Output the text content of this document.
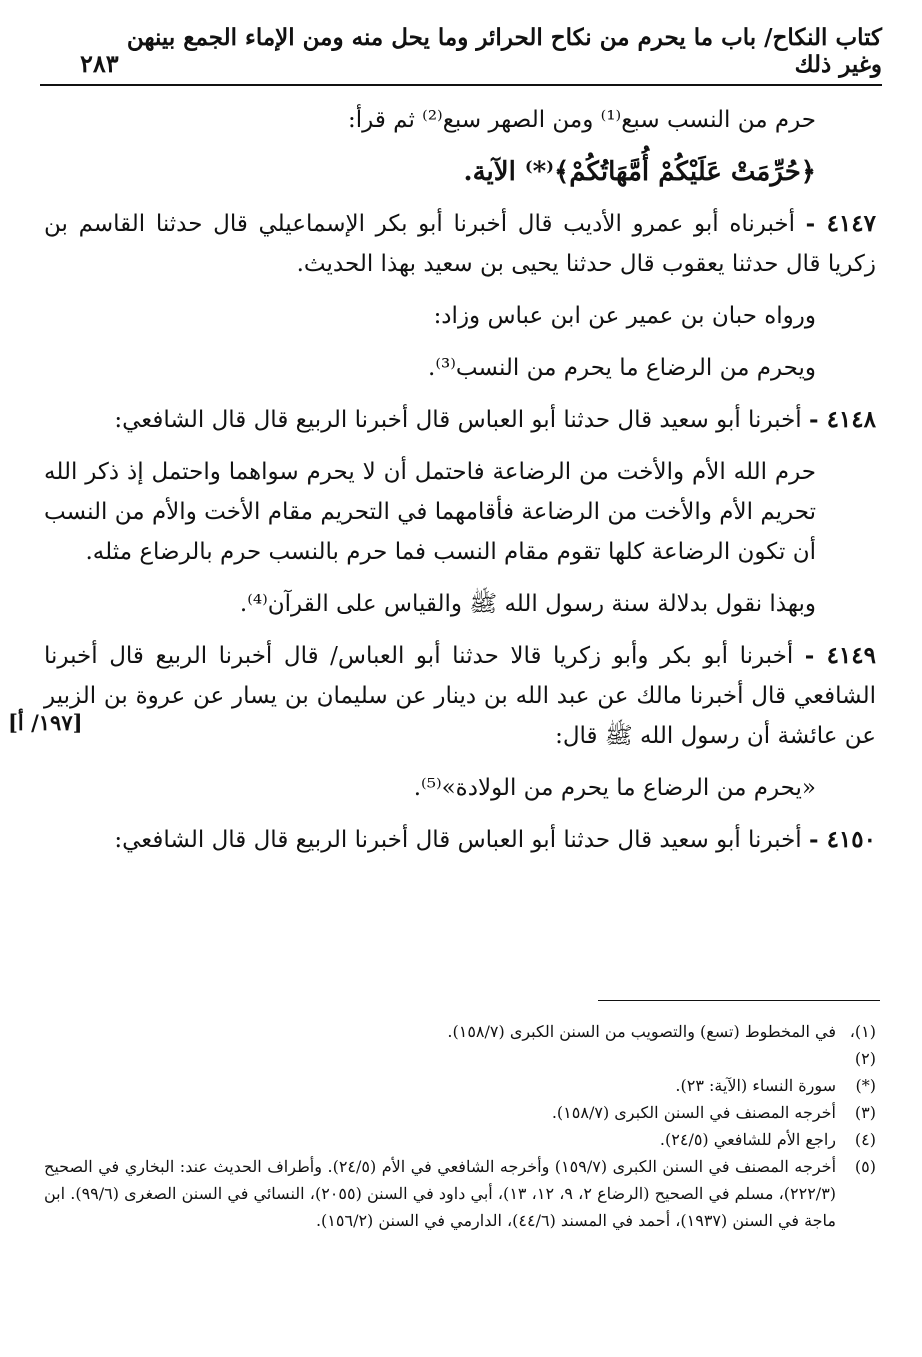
كتاب النكاح/ باب ما يحرم من نكاح الحرائر وما يحل منه ومن الإماء الجمع بينهن وغير ذلك
٢٨٣

حرم من النسب سبع⁽¹⁾ ومن الصهر سبع⁽²⁾ ثم قرأ:

﴿حُرِّمَتْ عَلَيْكُمْ أُمَّهَاتُكُمْ﴾⁽*⁾ الآية.

٤١٤٧ - أخبرناه أبو عمرو الأديب قال أخبرنا أبو بكر الإسماعيلي قال حدثنا القاسم بن زكريا قال حدثنا يعقوب قال حدثنا يحيى بن سعيد بهذا الحديث.

ورواه حبان بن عمير عن ابن عباس وزاد:

ويحرم من الرضاع ما يحرم من النسب⁽³⁾.

٤١٤٨ - أخبرنا أبو سعيد قال حدثنا أبو العباس قال أخبرنا الربيع قال قال الشافعي:

حرم الله الأم والأخت من الرضاعة فاحتمل أن لا يحرم سواهما واحتمل إذ ذكر الله تحريم الأم والأخت من الرضاعة فأقامهما في التحريم مقام الأخت والأم من النسب أن تكون الرضاعة كلها تقوم مقام النسب فما حرم بالنسب حرم بالرضاع مثله.

وبهذا نقول بدلالة سنة رسول الله ﷺ والقياس على القرآن⁽⁴⁾.

٤١٤٩ - أخبرنا أبو بكر وأبو زكريا قالا حدثنا أبو العباس/ قال أخبرنا الربيع قال أخبرنا الشافعي قال أخبرنا مالك عن عبد الله بن دينار عن سليمان بن يسار عن عروة بن الزبير عن عائشة أن رسول الله ﷺ قال:

«يحرم من الرضاع ما يحرم من الولادة»⁽⁵⁾.

٤١٥٠ - أخبرنا أبو سعيد قال حدثنا أبو العباس قال أخبرنا الربيع قال قال الشافعي:

[١٩٧/ أ]
(١)،(٢)
في المخطوط (تسع) والتصويب من السنن الكبرى (١٥٨/٧).
(*)
سورة النساء (الآية: ٢٣).
(٣)
أخرجه المصنف في السنن الكبرى (١٥٨/٧).
(٤)
راجع الأم للشافعي (٢٤/٥).
(٥)
أخرجه المصنف في السنن الكبرى (١٥٩/٧) وأخرجه الشافعي في الأم (٢٤/٥). وأطراف الحديث عند: البخاري في الصحيح (٢٢٢/٣)، مسلم في الصحيح (الرضاع ٢، ٩، ١٢، ١٣)، أبي داود في السنن (٢٠٥٥)، النسائي في السنن الصغرى (٩٩/٦). ابن ماجة في السنن (١٩٣٧)، أحمد في المسند (٤٤/٦)، الدارمي في السنن (١٥٦/٢).
